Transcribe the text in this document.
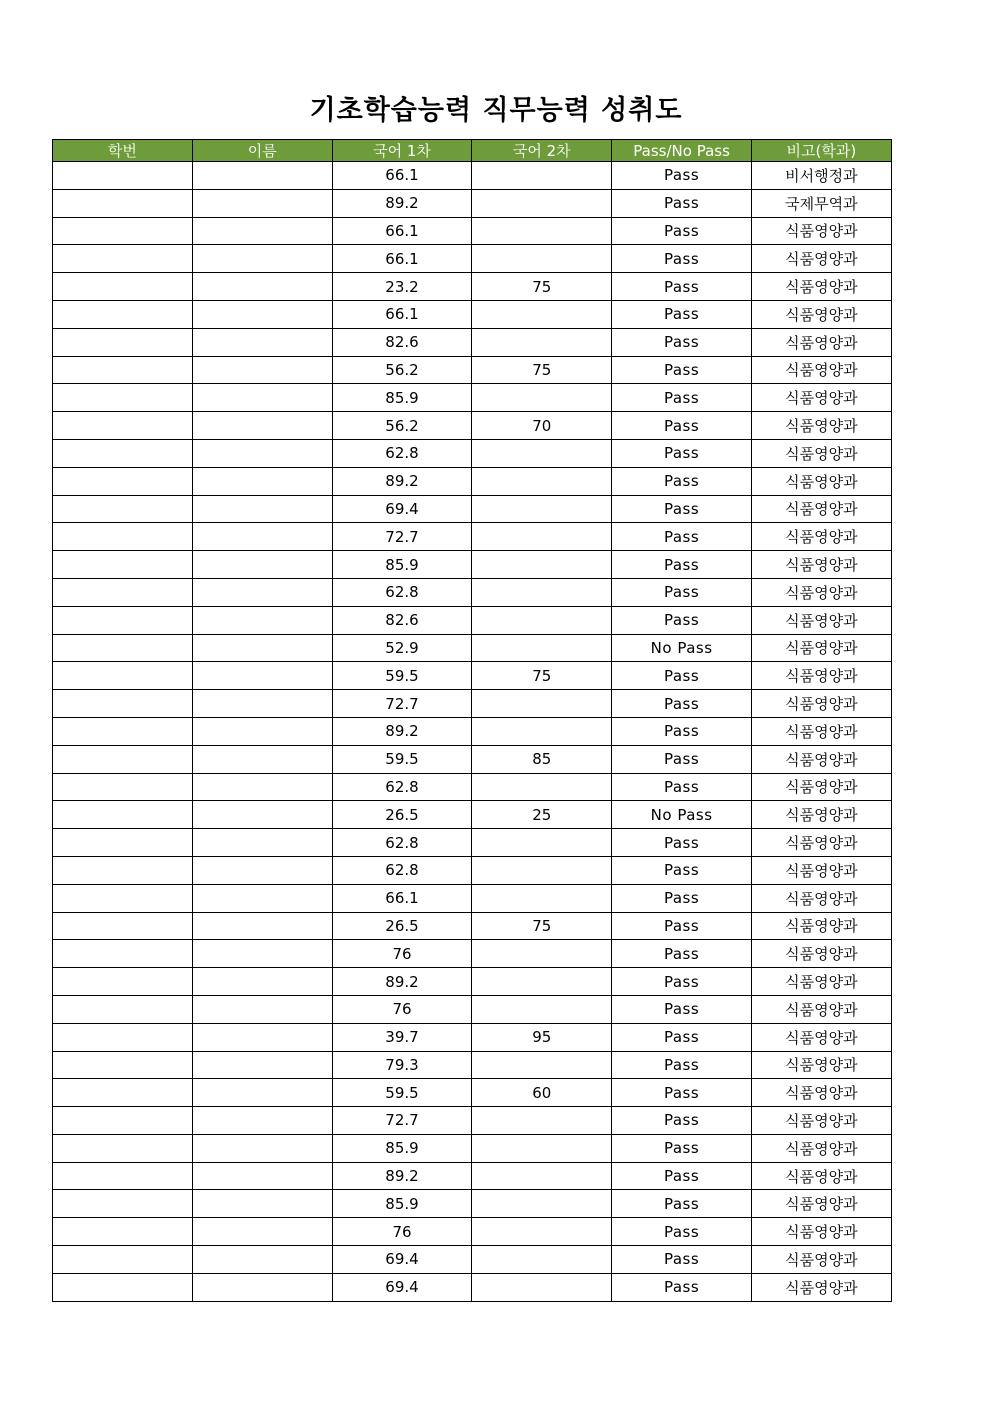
기초학습능력 직무능력 성취도
학번	이름	국어 1차	국어 2차	Pass/No Pass	비고(학과)
		66.1		Pass	비서행정과
		89.2		Pass	국제무역과
		66.1		Pass	식품영양과
		66.1		Pass	식품영양과
		23.2	75	Pass	식품영양과
		66.1		Pass	식품영양과
		82.6		Pass	식품영양과
		56.2	75	Pass	식품영양과
		85.9		Pass	식품영양과
		56.2	70	Pass	식품영양과
		62.8		Pass	식품영양과
		89.2		Pass	식품영양과
		69.4		Pass	식품영양과
		72.7		Pass	식품영양과
		85.9		Pass	식품영양과
		62.8		Pass	식품영양과
		82.6		Pass	식품영양과
		52.9		No Pass	식품영양과
		59.5	75	Pass	식품영양과
		72.7		Pass	식품영양과
		89.2		Pass	식품영양과
		59.5	85	Pass	식품영양과
		62.8		Pass	식품영양과
		26.5	25	No Pass	식품영양과
		62.8		Pass	식품영양과
		62.8		Pass	식품영양과
		66.1		Pass	식품영양과
		26.5	75	Pass	식품영양과
		76		Pass	식품영양과
		89.2		Pass	식품영양과
		76		Pass	식품영양과
		39.7	95	Pass	식품영양과
		79.3		Pass	식품영양과
		59.5	60	Pass	식품영양과
		72.7		Pass	식품영양과
		85.9		Pass	식품영양과
		89.2		Pass	식품영양과
		85.9		Pass	식품영양과
		76		Pass	식품영양과
		69.4		Pass	식품영양과
		69.4		Pass	식품영양과
